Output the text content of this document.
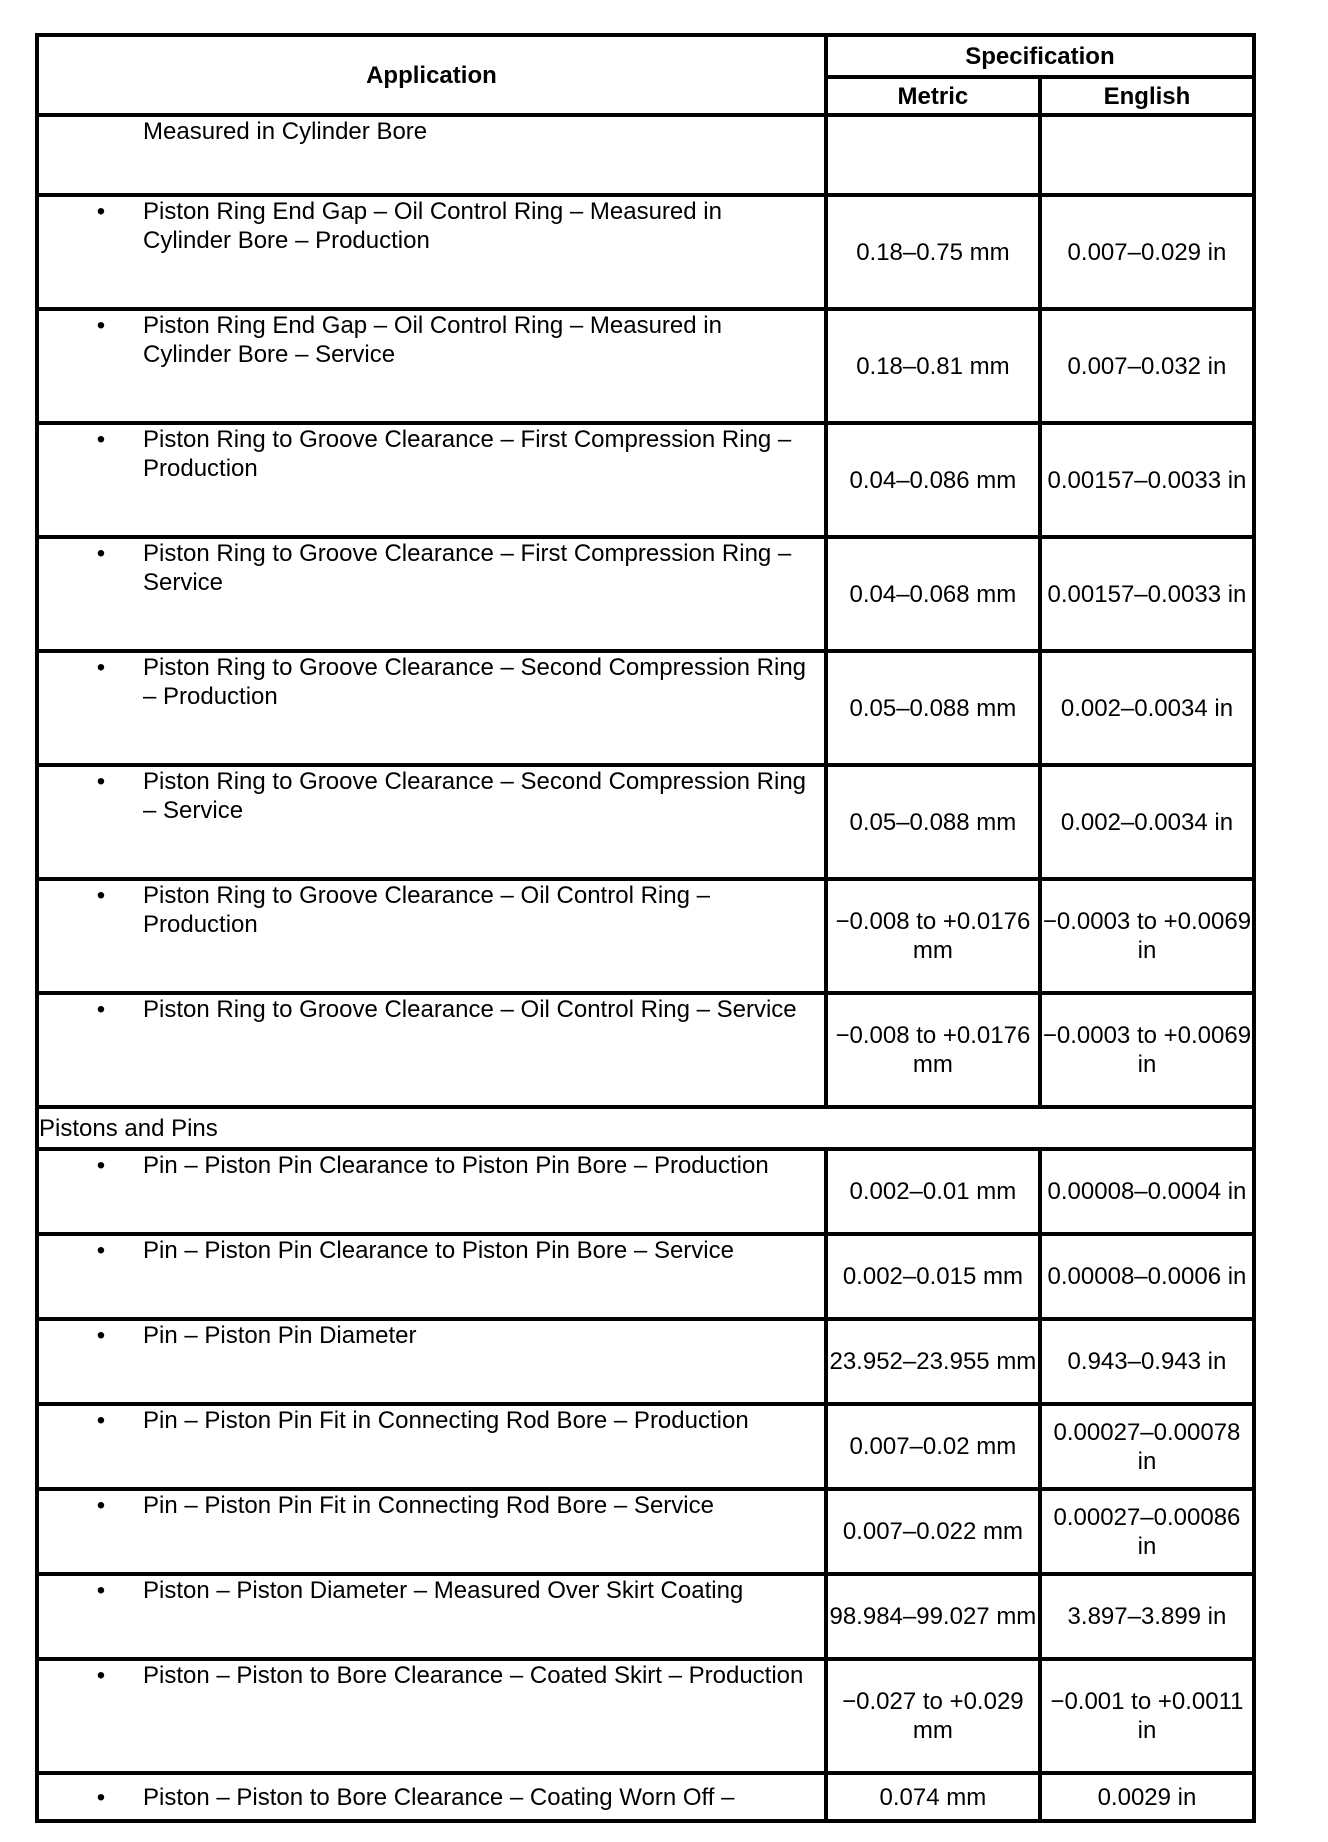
Application	Specification	
	Metric	English

Measured in Cylinder Bore		

• Piston Ring End Gap – Oil Control Ring – Measured in Cylinder Bore – Production	0.18–0.75 mm	0.007–0.029 in

• Piston Ring End Gap – Oil Control Ring – Measured in Cylinder Bore – Service	0.18–0.81 mm	0.007–0.032 in

• Piston Ring to Groove Clearance – First Compression Ring – Production	0.04–0.086 mm	0.00157–0.0033 in

• Piston Ring to Groove Clearance – First Compression Ring – Service	0.04–0.068 mm	0.00157–0.0033 in

• Piston Ring to Groove Clearance – Second Compression Ring – Production	0.05–0.088 mm	0.002–0.0034 in

• Piston Ring to Groove Clearance – Second Compression Ring – Service	0.05–0.088 mm	0.002–0.0034 in

• Piston Ring to Groove Clearance – Oil Control Ring – Production	−0.008 to +0.0176 mm	−0.0003 to +0.0069 in

• Piston Ring to Groove Clearance – Oil Control Ring – Service	−0.008 to +0.0176 mm	−0.0003 to +0.0069 in
Pistons and Pins		

• Pin – Piston Pin Clearance to Piston Pin Bore – Production	0.002–0.01 mm	0.00008–0.0004 in

• Pin – Piston Pin Clearance to Piston Pin Bore – Service	0.002–0.015 mm	0.00008–0.0006 in

• Pin – Piston Pin Diameter	23.952–23.955 mm	0.943–0.943 in

• Pin – Piston Pin Fit in Connecting Rod Bore – Production	0.007–0.02 mm	0.00027–0.00078 in

• Pin – Piston Pin Fit in Connecting Rod Bore – Service	0.007–0.022 mm	0.00027–0.00086 in

• Piston – Piston Diameter – Measured Over Skirt Coating	98.984–99.027 mm	3.897–3.899 in

• Piston – Piston to Bore Clearance – Coated Skirt – Production	−0.027 to +0.029 mm	−0.001 to +0.0011 in

• Piston – Piston to Bore Clearance – Coating Worn Off –	0.074 mm	0.0029 in
